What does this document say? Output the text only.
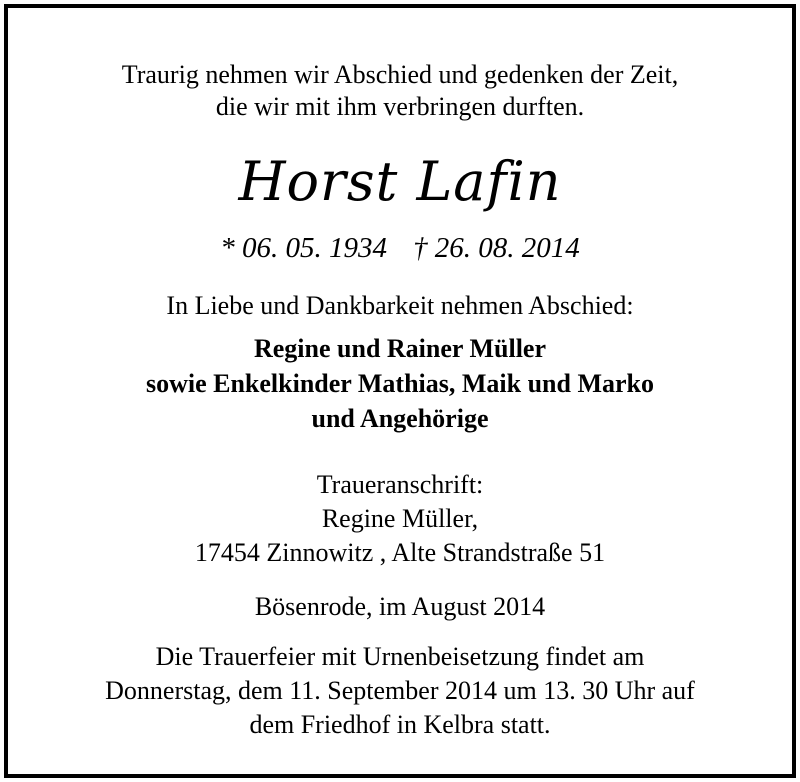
Traurig nehmen wir Abschied und gedenken der Zeit,
die wir mit ihm verbringen durften.
Horst Lafin
* 06. 05. 1934 † 26. 08. 2014
In Liebe und Dankbarkeit nehmen Abschied:
Regine und Rainer Müller
sowie Enkelkinder Mathias, Maik und Marko
und Angehörige
Traueranschrift:
Regine Müller,
17454 Zinnowitz , Alte Strandstraße 51
Bösenrode, im August 2014
Die Trauerfeier mit Urnenbeisetzung findet am
Donnerstag, dem 11. September 2014 um 13. 30 Uhr auf
dem Friedhof in Kelbra statt.
